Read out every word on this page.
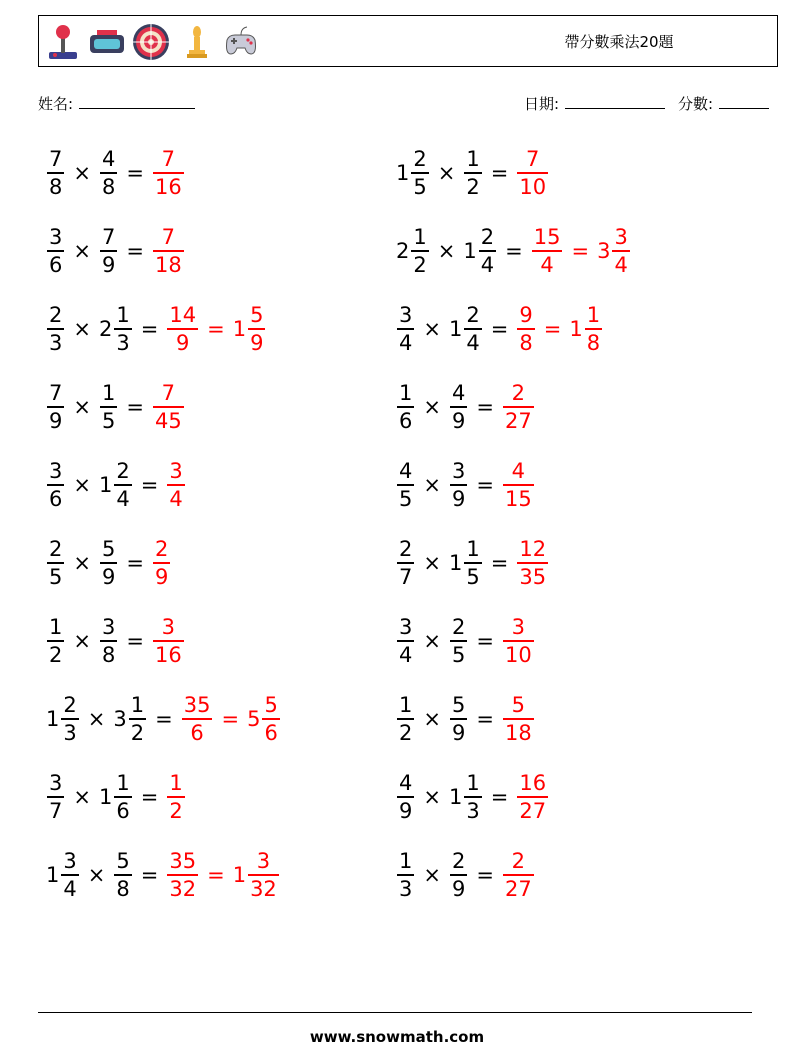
帶分數乘法20題
姓名:	日期:	分數:
$\frac{7}{8} \times \frac{4}{8} = \frac{7}{16}$	$1 \frac{2}{5} \times \frac{1}{2} = \frac{7}{10}$
$\frac{3}{6} \times \frac{7}{9} = \frac{7}{18}$	$2 \frac{1}{2} \times 1 \frac{2}{4} = \frac{15}{4} = 3 \frac{3}{4}$
$\frac{2}{3} \times 2 \frac{1}{3} = \frac{14}{9} = 1 \frac{5}{9}$	$\frac{3}{4} \times 1 \frac{2}{4} = \frac{9}{8} = 1 \frac{1}{8}$
$\frac{7}{9} \times \frac{1}{5} = \frac{7}{45}$	$\frac{1}{6} \times \frac{4}{9} = \frac{2}{27}$
$\frac{3}{6} \times 1 \frac{2}{4} = \frac{3}{4}$	$\frac{4}{5} \times \frac{3}{9} = \frac{4}{15}$
$\frac{2}{5} \times \frac{5}{9} = \frac{2}{9}$	$\frac{2}{7} \times 1 \frac{1}{5} = \frac{12}{35}$
$\frac{1}{2} \times \frac{3}{8} = \frac{3}{16}$	$\frac{3}{4} \times \frac{2}{5} = \frac{3}{10}$
$1 \frac{2}{3} \times 3 \frac{1}{2} = \frac{35}{6} = 5 \frac{5}{6}$	$\frac{1}{2} \times \frac{5}{9} = \frac{5}{18}$
$\frac{3}{7} \times 1 \frac{1}{6} = \frac{1}{2}$	$\frac{4}{9} \times 1 \frac{1}{3} = \frac{16}{27}$
$1 \frac{3}{4} \times \frac{5}{8} = \frac{35}{32} = 1 \frac{3}{32}$	$\frac{1}{3} \times \frac{2}{9} = \frac{2}{27}$
www.snowmath.com
